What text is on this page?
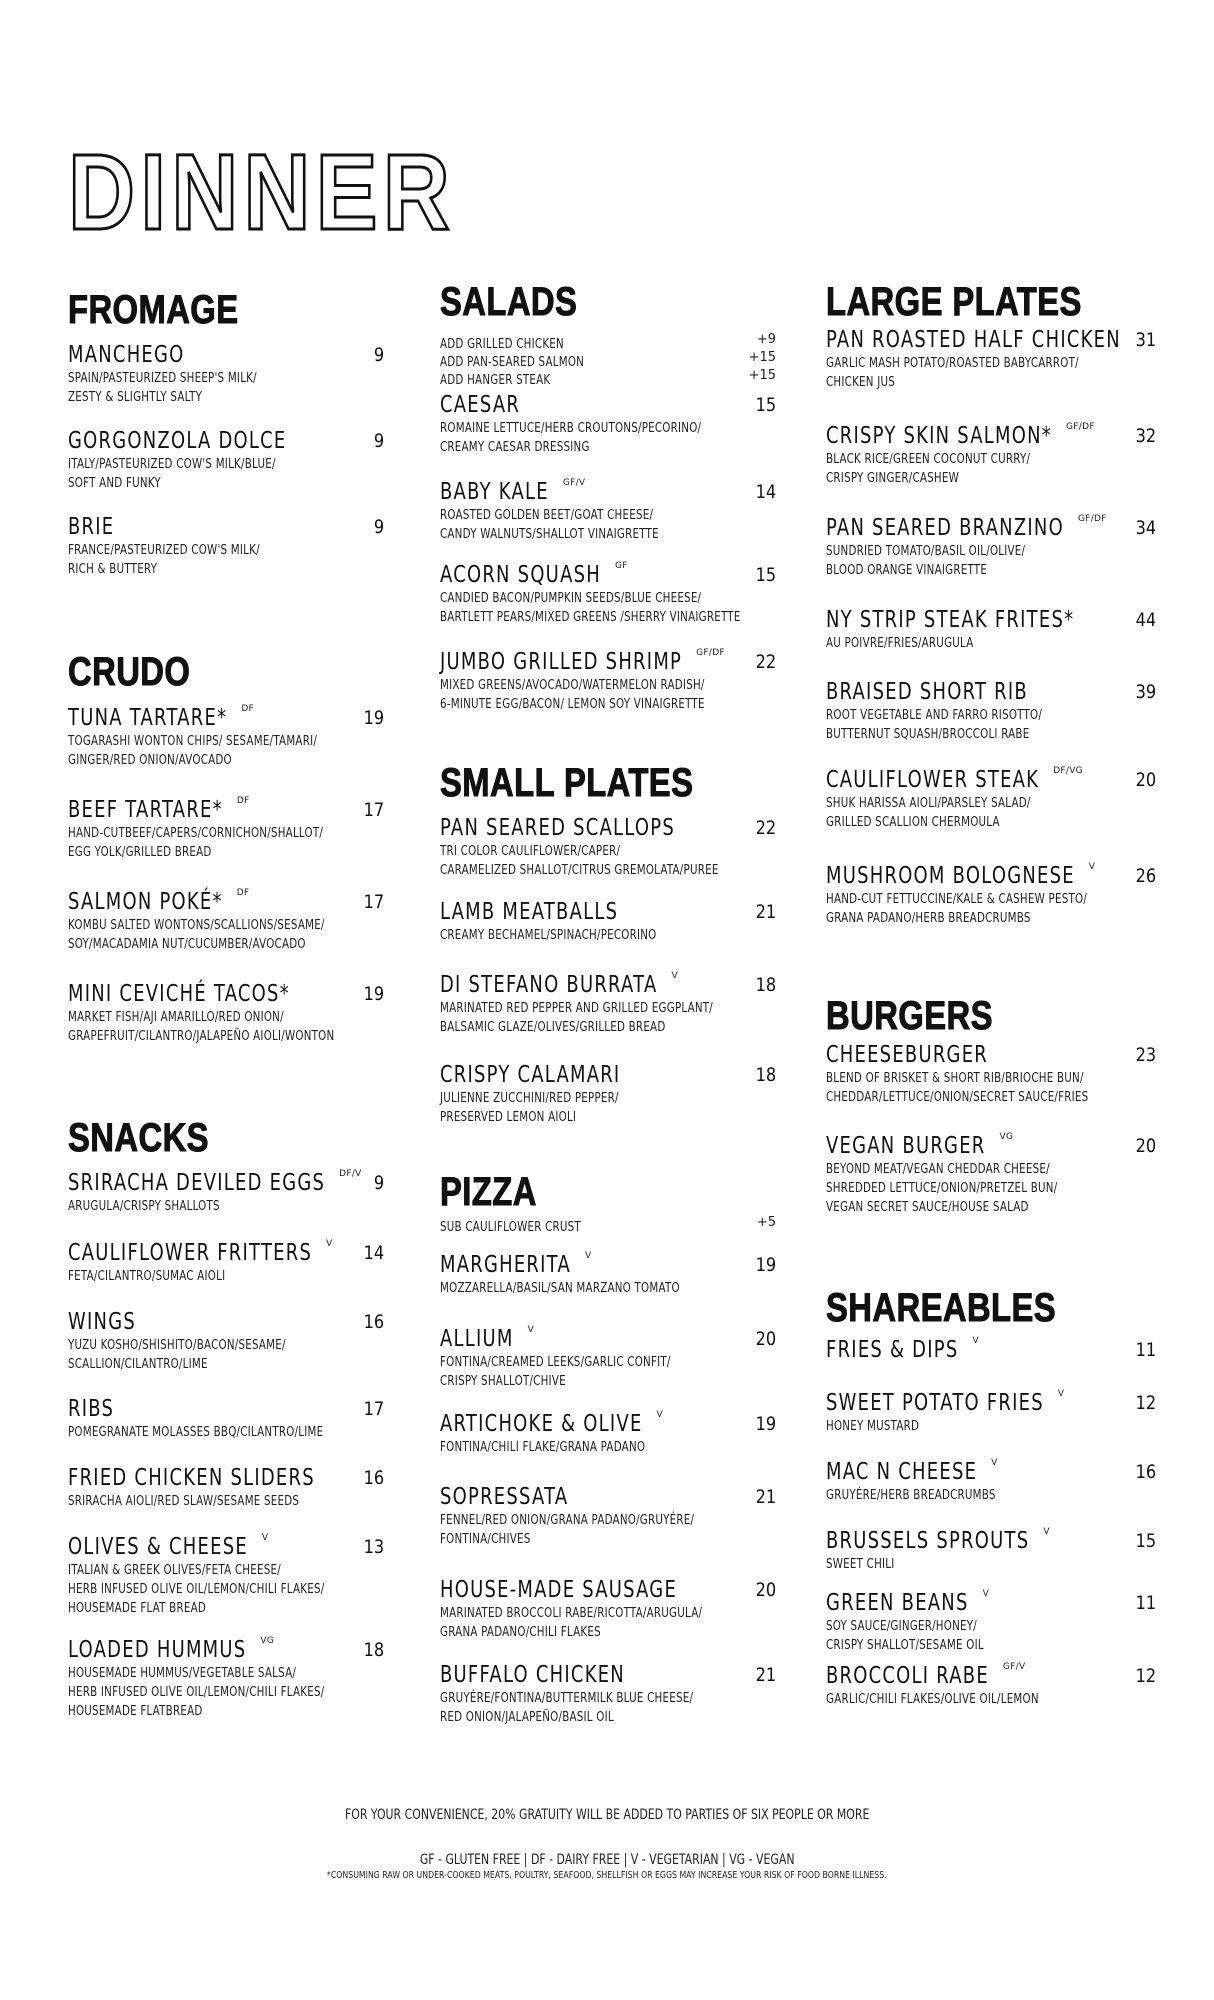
DINNER
FROMAGE
MANCHEGO	9
SPAIN/PASTEURIZED SHEEP'S MILK/
ZESTY & SLIGHTLY SALTY
GORGONZOLA DOLCE	9
ITALY/PASTEURIZED COW'S MILK/BLUE/
SOFT AND FUNKY
BRIE	9
FRANCE/PASTEURIZED COW'S MILK/
RICH & BUTTERY
CRUDO
TUNA TARTARE* DF	19
TOGARASHI WONTON CHIPS/ SESAME/TAMARI/
GINGER/RED ONION/AVOCADO
BEEF TARTARE* DF	17
HAND-CUTBEEF/CAPERS/CORNICHON/SHALLOT/
EGG YOLK/GRILLED BREAD
SALMON POKÉ* DF	17
KOMBU SALTED WONTONS/SCALLIONS/SESAME/
SOY/MACADAMIA NUT/CUCUMBER/AVOCADO
MINI CEVICHÉ TACOS*	19
MARKET FISH/AJI AMARILLO/RED ONION/
GRAPEFRUIT/CILANTRO/JALAPEÑO AIOLI/WONTON
SNACKS
SRIRACHA DEVILED EGGS DF/V 9
ARUGULA/CRISPY SHALLOTS
CAULIFLOWER FRITTERS V 14
FETA/CILANTRO/SUMAC AIOLI
WINGS	16
YUZU KOSHO/SHISHITO/BACON/SESAME/
SCALLION/CILANTRO/LIME
RIBS	17
POMEGRANATE MOLASSES BBQ/CILANTRO/LIME
FRIED CHICKEN SLIDERS	16
SRIRACHA AIOLI/RED SLAW/SESAME SEEDS
OLIVES & CHEESE V	13
ITALIAN & GREEK OLIVES/FETA CHEESE/
HERB INFUSED OLIVE OIL/LEMON/CHILI FLAKES/
HOUSEMADE FLAT BREAD
LOADED HUMMUS VG	18
HOUSEMADE HUMMUS/VEGETABLE SALSA/
HERB INFUSED OLIVE OIL/LEMON/CHILI FLAKES/
HOUSEMADE FLATBREAD
SALADS
ADD GRILLED CHICKEN	+9
ADD PAN-SEARED SALMON	+15
ADD HANGER STEAK	+15
CAESAR	15
ROMAINE LETTUCE/HERB CROUTONS/PECORINO/
CREAMY CAESAR DRESSING
BABY KALE GF/V	14
ROASTED GOLDEN BEET/GOAT CHEESE/
CANDY WALNUTS/SHALLOT VINAIGRETTE
ACORN SQUASH GF	15
CANDIED BACON/PUMPKIN SEEDS/BLUE CHEESE/
BARTLETT PEARS/MIXED GREENS /SHERRY VINAIGRETTE
JUMBO GRILLED SHRIMP GF/DF 22
MIXED GREENS/AVOCADO/WATERMELON RADISH/
6-MINUTE EGG/BACON/ LEMON SOY VINAIGRETTE
SMALL PLATES
PAN SEARED SCALLOPS	22
TRI COLOR CAULIFLOWER/CAPER/
CARAMELIZED SHALLOT/CITRUS GREMOLATA/PUREE
LAMB MEATBALLS	21
CREAMY BECHAMEL/SPINACH/PECORINO
DI STEFANO BURRATA V	18
MARINATED RED PEPPER AND GRILLED EGGPLANT/
BALSAMIC GLAZE/OLIVES/GRILLED BREAD
CRISPY CALAMARI	18
JULIENNE ZUCCHINI/RED PEPPER/
PRESERVED LEMON AIOLI
PIZZA
SUB CAULIFLOWER CRUST	+5
MARGHERITA V	19
MOZZARELLA/BASIL/SAN MARZANO TOMATO
ALLIUM V	20
FONTINA/CREAMED LEEKS/GARLIC CONFIT/
CRISPY SHALLOT/CHIVE
ARTICHOKE & OLIVE V	19
FONTINA/CHILI FLAKE/GRANA PADANO
SOPRESSATA	21
FENNEL/RED ONION/GRANA PADANO/GRUYÉRE/
FONTINA/CHIVES
HOUSE-MADE SAUSAGE	20
MARINATED BROCCOLI RABE/RICOTTA/ARUGULA/
GRANA PADANO/CHILI FLAKES
BUFFALO CHICKEN	21
GRUYÉRE/FONTINA/BUTTERMILK BLUE CHEESE/
RED ONION/JALAPEÑO/BASIL OIL
LARGE PLATES
PAN ROASTED HALF CHICKEN 31
GARLIC MASH POTATO/ROASTED BABYCARROT/
CHICKEN JUS
CRISPY SKIN SALMON* GF/DF 32
BLACK RICE/GREEN COCONUT CURRY/
CRISPY GINGER/CASHEW
PAN SEARED BRANZINO GF/DF 34
SUNDRIED TOMATO/BASIL OIL/OLIVE/
BLOOD ORANGE VINAIGRETTE
NY STRIP STEAK FRITES*	44
AU POIVRE/FRIES/ARUGULA
BRAISED SHORT RIB	39
ROOT VEGETABLE AND FARRO RISOTTO/
BUTTERNUT SQUASH/BROCCOLI RABE
CAULIFLOWER STEAK DF/VG	20
SHUK HARISSA AIOLI/PARSLEY SALAD/
GRILLED SCALLION CHERMOULA
MUSHROOM BOLOGNESE V 26
HAND-CUT FETTUCCINE/KALE & CASHEW PESTO/
GRANA PADANO/HERB BREADCRUMBS
BURGERS
CHEESEBURGER	23
BLEND OF BRISKET & SHORT RIB/BRIOCHE BUN/
CHEDDAR/LETTUCE/ONION/SECRET SAUCE/FRIES
VEGAN BURGER VG	20
BEYOND MEAT/VEGAN CHEDDAR CHEESE/
SHREDDED LETTUCE/ONION/PRETZEL BUN/
VEGAN SECRET SAUCE/HOUSE SALAD
SHAREABLES
FRIES & DIPS V	11
SWEET POTATO FRIES V	12
HONEY MUSTARD
MAC N CHEESE V	16
GRUYÉRE/HERB BREADCRUMBS
BRUSSELS SPROUTS V	15
SWEET CHILI
GREEN BEANS V	11
SOY SAUCE/GINGER/HONEY/
CRISPY SHALLOT/SESAME OIL
BROCCOLI RABE GF/V	12
GARLIC/CHILI FLAKES/OLIVE OIL/LEMON
FOR YOUR CONVENIENCE, 20% GRATUITY WILL BE ADDED TO PARTIES OF SIX PEOPLE OR MORE
GF - GLUTEN FREE | DF - DAIRY FREE | V - VEGETARIAN | VG - VEGAN
*CONSUMING RAW OR UNDER-COOKED MEATS, POULTRY, SEAFOOD, SHELLFISH OR EGGS MAY INCREASE YOUR RISK OF FOOD BORNE ILLNESS.
